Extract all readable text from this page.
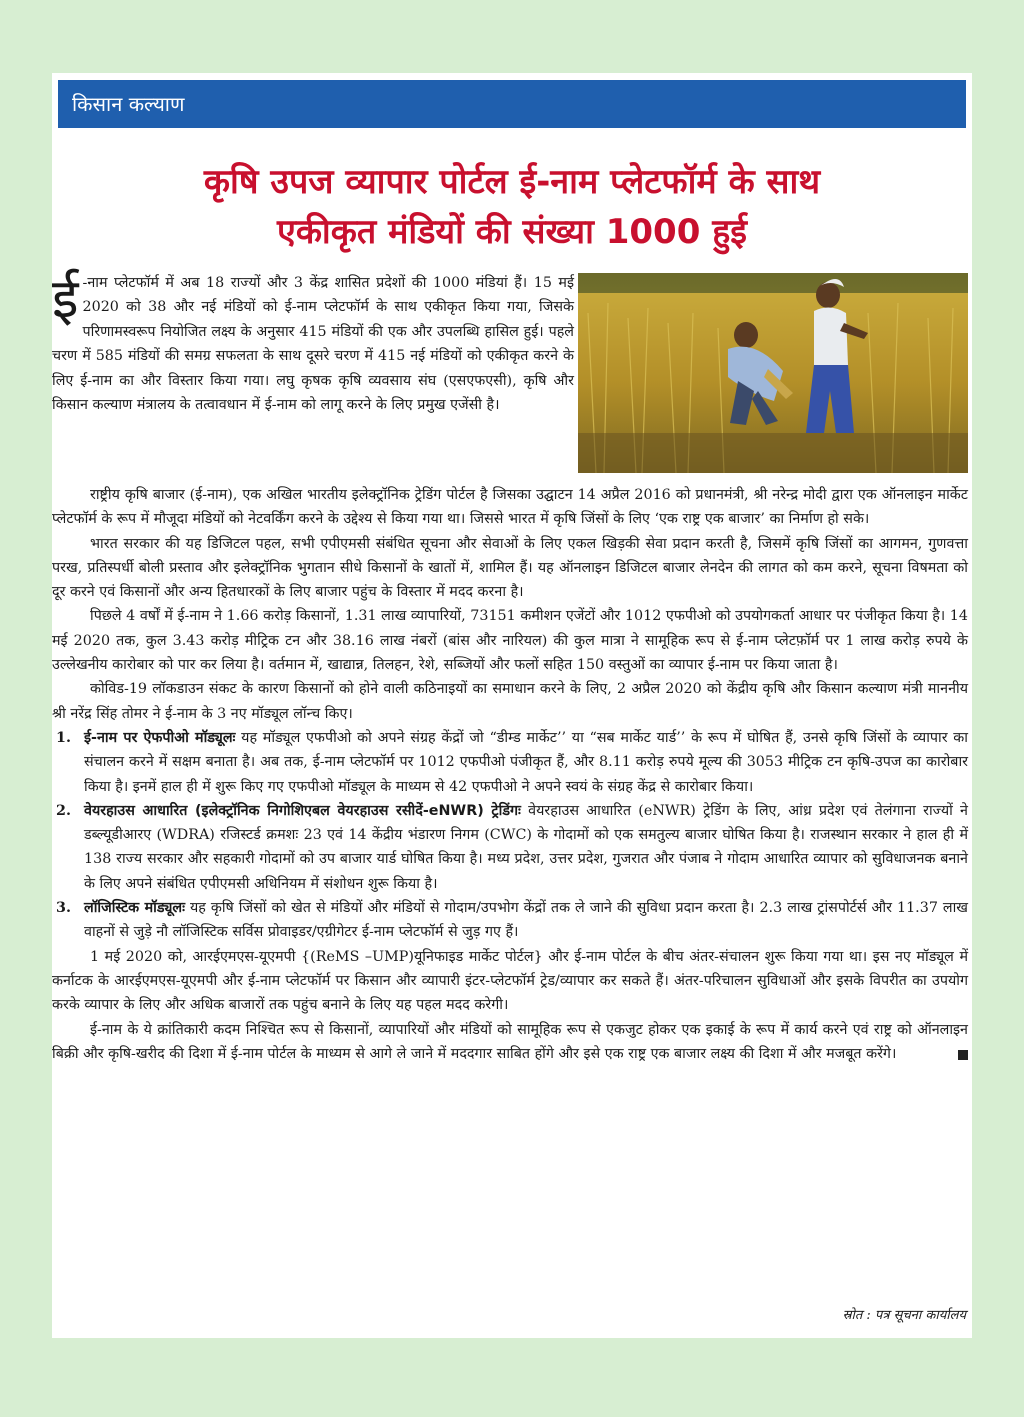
किसान कल्याण
कृषि उपज व्यापार पोर्टल ई-नाम प्लेटफॉर्म के साथ
एकीकृत मंडियों की संख्या 1000 हुई
ई -नाम प्लेटफॉर्म में अब 18 राज्यों और 3 केंद्र शासित प्रदेशों की 1000 मंडियां हैं। 15 मई 2020 को 38 और नई मंडियों को ई-नाम प्लेटफॉर्म के साथ एकीकृत किया गया, जिसके परिणामस्वरूप नियोजित लक्ष्य के अनुसार 415 मंडियों की एक और उपलब्धि हासिल हुई। पहले चरण में 585 मंडियों की समग्र सफलता के साथ दूसरे चरण में 415 नई मंडियों को एकीकृत करने के लिए ई-नाम का और विस्तार किया गया। लघु कृषक कृषि व्यवसाय संघ (एसएफएसी), कृषि और किसान कल्याण मंत्रालय के तत्वावधान में ई-नाम को लागू करने के लिए प्रमुख एजेंसी है।

राष्ट्रीय कृषि बाजार (ई-नाम), एक अखिल भारतीय इलेक्ट्रॉनिक ट्रेडिंग पोर्टल है जिसका उद्घाटन 14 अप्रैल 2016 को प्रधानमंत्री, श्री नरेन्द्र मोदी द्वारा एक ऑनलाइन मार्केट प्लेटफॉर्म के रूप में मौजूदा मंडियों को नेटवर्किंग करने के उद्देश्य से किया गया था। जिससे भारत में कृषि जिंसों के लिए ‘एक राष्ट्र एक बाजार’ का निर्माण हो सके।

भारत सरकार की यह डिजिटल पहल, सभी एपीएमसी संबंधित सूचना और सेवाओं के लिए एकल खिड़की सेवा प्रदान करती है, जिसमें कृषि जिंसों का आगमन, गुणवत्ता परख, प्रतिस्पर्धी बोली प्रस्ताव और इलेक्ट्रॉनिक भुगतान सीधे किसानों के खातों में, शामिल हैं। यह ऑनलाइन डिजिटल बाजार लेनदेन की लागत को कम करने, सूचना विषमता को दूर करने एवं किसानों और अन्य हितधारकों के लिए बाजार पहुंच के विस्तार में मदद करना है।

पिछले 4 वर्षों में ई-नाम ने 1.66 करोड़ किसानों, 1.31 लाख व्यापारियों, 73151 कमीशन एजेंटों और 1012 एफपीओ को उपयोगकर्ता आधार पर पंजीकृत किया है। 14 मई 2020 तक, कुल 3.43 करोड़ मीट्रिक टन और 38.16 लाख नंबरों (बांस और नारियल) की कुल मात्रा ने सामूहिक रूप से ई-नाम प्लेटफ़ॉर्म पर 1 लाख करोड़ रुपये के उल्लेखनीय कारोबार को पार कर लिया है। वर्तमान में, खाद्यान्न, तिलहन, रेशे, सब्जियों और फलों सहित 150 वस्तुओं का व्यापार ई-नाम पर किया जाता है।

कोविड-19 लॉकडाउन संकट के कारण किसानों को होने वाली कठिनाइयों का समाधान करने के लिए, 2 अप्रैल 2020 को केंद्रीय कृषि और किसान कल्याण मंत्री माननीय श्री नरेंद्र सिंह तोमर ने ई-नाम के 3 नए मॉड्यूल लॉन्च किए।

1. ई-नाम पर ऐफपीओ मॉड्यूलः यह मॉड्यूल एफपीओ को अपने संग्रह केंद्रों जो “डीम्ड मार्केट’’ या “सब मार्केट यार्ड’’ के रूप में घोषित हैं, उनसे कृषि जिंसों के व्यापार का संचालन करने में सक्षम बनाता है। अब तक, ई-नाम प्लेटफॉर्म पर 1012 एफपीओ पंजीकृत हैं, और 8.11 करोड़ रुपये मूल्य की 3053 मीट्रिक टन कृषि-उपज का कारोबार किया है। इनमें हाल ही में शुरू किए गए एफपीओ मॉड्यूल के माध्यम से 42 एफपीओ ने अपने स्वयं के संग्रह केंद्र से कारोबार किया।
2. वेयरहाउस आधारित (इलेक्ट्रॉनिक निगोशिएबल वेयरहाउस रसीदें-eNWR) ट्रेडिंगः वेयरहाउस आधारित (eNWR) ट्रेडिंग के लिए, आंध्र प्रदेश एवं तेलंगाना राज्यों ने डब्ल्यूडीआरए (WDRA) रजिस्टर्ड क्रमशः 23 एवं 14 केंद्रीय भंडारण निगम (CWC) के गोदामों को एक समतुल्य बाजार घोषित किया है। राजस्थान सरकार ने हाल ही में 138 राज्य सरकार और सहकारी गोदामों को उप बाजार यार्ड घोषित किया है। मध्य प्रदेश, उत्तर प्रदेश, गुजरात और पंजाब ने गोदाम आधारित व्यापार को सुविधाजनक बनाने के लिए अपने संबंधित एपीएमसी अधिनियम में संशोधन शुरू किया है।
3. लॉजिस्टिक मॉड्यूलः यह कृषि जिंसों को खेत से मंडियों और मंडियों से गोदाम/उपभोग केंद्रों तक ले जाने की सुविधा प्रदान करता है। 2.3 लाख ट्रांसपोर्टर्स और 11.37 लाख वाहनों से जुड़े नौ लॉजिस्टिक सर्विस प्रोवाइडर/एग्रीगेटर ई-नाम प्लेटफॉर्म से जुड़ गए हैं।

1 मई 2020 को, आरईएमएस-यूएमपी {(ReMS –UMP)यूनिफाइड मार्केट पोर्टल} और ई-नाम पोर्टल के बीच अंतर-संचालन शुरू किया गया था। इस नए मॉड्यूल में कर्नाटक के आरईएमएस-यूएमपी और ई-नाम प्लेटफॉर्म पर किसान और व्यापारी इंटर-प्लेटफॉर्म ट्रेड/व्यापार कर सकते हैं। अंतर-परिचालन सुविधाओं और इसके विपरीत का उपयोग करके व्यापार के लिए और अधिक बाजारों तक पहुंच बनाने के लिए यह पहल मदद करेगी।

ई-नाम के ये क्रांतिकारी कदम निश्चित रूप से किसानों, व्यापारियों और मंडियों को सामूहिक रूप से एकजुट होकर एक इकाई के रूप में कार्य करने एवं राष्ट्र को ऑनलाइन बिक्री और कृषि-खरीद की दिशा में ई-नाम पोर्टल के माध्यम से आगे ले जाने में मददगार साबित होंगे और इसे एक राष्ट्र एक बाजार लक्ष्य की दिशा में और मजबूत करेंगे।

स्रोत : पत्र सूचना कार्यालय
